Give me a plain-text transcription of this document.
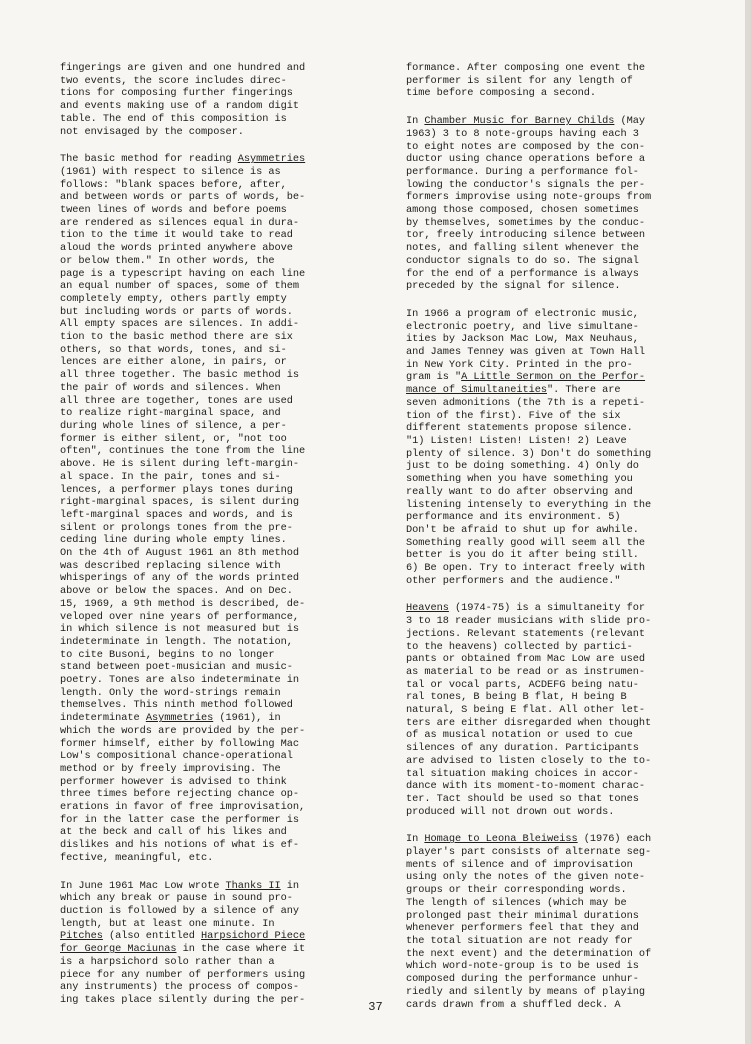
fingerings are given and one hundred and
two events, the score includes direc-
tions for composing further fingerings
and events making use of a random digit
table. The end of this composition is
not envisaged by the composer.
The basic method for reading Asymmetries
(1961) with respect to silence is as
follows: "blank spaces before, after,
and between words or parts of words, be-
tween lines of words and before poems
are rendered as silences equal in dura-
tion to the time it would take to read
aloud the words printed anywhere above
or below them." In other words, the
page is a typescript having on each line
an equal number of spaces, some of them
completely empty, others partly empty
but including words or parts of words.
All empty spaces are silences. In addi-
tion to the basic method there are six
others, so that words, tones, and si-
lences are either alone, in pairs, or
all three together. The basic method is
the pair of words and silences. When
all three are together, tones are used
to realize right-marginal space, and
during whole lines of silence, a per-
former is either silent, or, "not too
often", continues the tone from the line
above. He is silent during left-margin-
al space. In the pair, tones and si-
lences, a performer plays tones during
right-marginal spaces, is silent during
left-marginal spaces and words, and is
silent or prolongs tones from the pre-
ceding line during whole empty lines.
On the 4th of August 1961 an 8th method
was described replacing silence with
whisperings of any of the words printed
above or below the spaces. And on Dec.
15, 1969, a 9th method is described, de-
veloped over nine years of performance,
in which silence is not measured but is
indeterminate in length. The notation,
to cite Busoni, begins to no longer
stand between poet-musician and music-
poetry. Tones are also indeterminate in
length. Only the word-strings remain
themselves. This ninth method followed
indeterminate Asymmetries (1961), in
which the words are provided by the per-
former himself, either by following Mac
Low's compositional chance-operational
method or by freely improvising. The
performer however is advised to think
three times before rejecting chance op-
erations in favor of free improvisation,
for in the latter case the performer is
at the beck and call of his likes and
dislikes and his notions of what is ef-
fective, meaningful, etc.
In June 1961 Mac Low wrote Thanks II in
which any break or pause in sound pro-
duction is followed by a silence of any
length, but at least one minute. In
Pitches (also entitled Harpsichord Piece
for George Maciunas in the case where it
is a harpsichord solo rather than a
piece for any number of performers using
any instruments) the process of compos-
ing takes place silently during the per-
formance. After composing one event the
performer is silent for any length of
time before composing a second.
In Chamber Music for Barney Childs (May
1963) 3 to 8 note-groups having each 3
to eight notes are composed by the con-
ductor using chance operations before a
performance. During a performance fol-
lowing the conductor's signals the per-
formers improvise using note-groups from
among those composed, chosen sometimes
by themselves, sometimes by the conduc-
tor, freely introducing silence between
notes, and falling silent whenever the
conductor signals to do so. The signal
for the end of a performance is always
preceded by the signal for silence.
In 1966 a program of electronic music,
electronic poetry, and live simultane-
ities by Jackson Mac Low, Max Neuhaus,
and James Tenney was given at Town Hall
in New York City. Printed in the pro-
gram is "A Little Sermon on the Perfor-
mance of Simultaneities". There are
seven admonitions (the 7th is a repeti-
tion of the first). Five of the six
different statements propose silence.
"1) Listen! Listen! Listen! 2) Leave
plenty of silence. 3) Don't do something
just to be doing something. 4) Only do
something when you have something you
really want to do after observing and
listening intensely to everything in the
performance and its environment. 5)
Don't be afraid to shut up for awhile.
Something really good will seem all the
better is you do it after being still.
6) Be open. Try to interact freely with
other performers and the audience."
Heavens (1974-75) is a simultaneity for
3 to 18 reader musicians with slide pro-
jections. Relevant statements (relevant
to the heavens) collected by partici-
pants or obtained from Mac Low are used
as material to be read or as instrumen-
tal or vocal parts, ACDEFG being natu-
ral tones, B being B flat, H being B
natural, S being E flat. All other let-
ters are either disregarded when thought
of as musical notation or used to cue
silences of any duration. Participants
are advised to listen closely to the to-
tal situation making choices in accor-
dance with its moment-to-moment charac-
ter. Tact should be used so that tones
produced will not drown out words.
In Homage to Leona Bleiweiss (1976) each
player's part consists of alternate seg-
ments of silence and of improvisation
using only the notes of the given note-
groups or their corresponding words.
The length of silences (which may be
prolonged past their minimal durations
whenever performers feel that they and
the total situation are not ready for
the next event) and the determination of
which word-note-group is to be used is
composed during the performance unhur-
riedly and silently by means of playing
cards drawn from a shuffled deck. A
37
